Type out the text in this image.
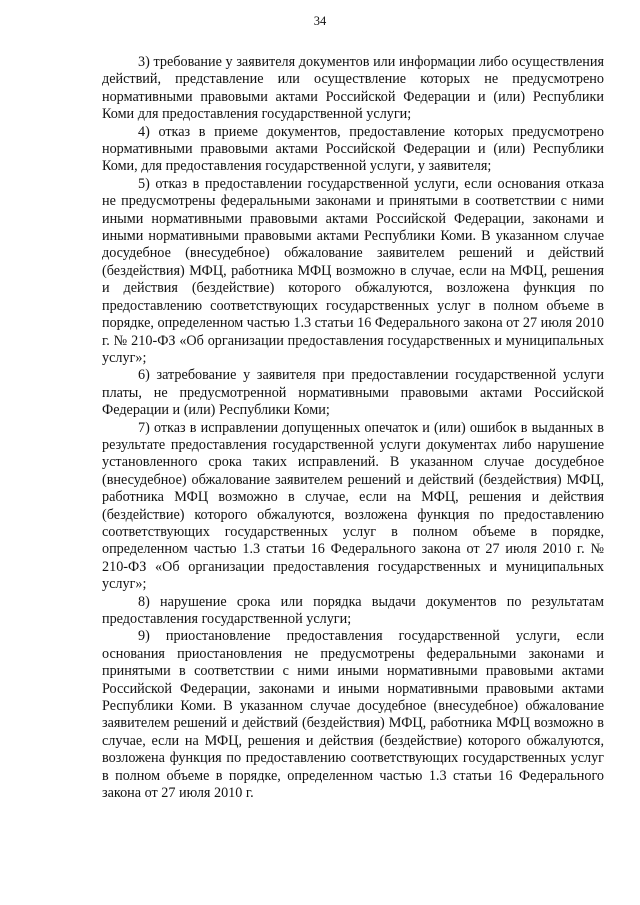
34

3) требование у заявителя документов или информации либо осуществления действий, представление или осуществление которых не предусмотрено нормативными правовыми актами Российской Федерации и (или) Республики Коми для предоставления государственной услуги;

4) отказ в приеме документов, предоставление которых предусмотрено нормативными правовыми актами Российской Федерации и (или) Республики Коми, для предоставления государственной услуги, у заявителя;

5) отказ в предоставлении государственной услуги, если основания отказа не предусмотрены федеральными законами и принятыми в соответствии с ними иными нормативными правовыми актами Российской Федерации, законами и иными нормативными правовыми актами Республики Коми. В указанном случае досудебное (внесудебное) обжалование заявителем решений и действий (бездействия) МФЦ, работника МФЦ возможно в случае, если на МФЦ, решения и действия (бездействие) которого обжалуются, возложена функция по предоставлению соответствующих государственных услуг в полном объеме в порядке, определенном частью 1.3 статьи 16 Федерального закона от 27 июля 2010 г. № 210-ФЗ «Об организации предоставления государственных и муниципальных услуг»;

6) затребование у заявителя при предоставлении государственной услуги платы, не предусмотренной нормативными правовыми актами Российской Федерации и (или) Республики Коми;

7) отказ в исправлении допущенных опечаток и (или) ошибок в выданных в результате предоставления государственной услуги документах либо нарушение установленного срока таких исправлений. В указанном случае досудебное (внесудебное) обжалование заявителем решений и действий (бездействия) МФЦ, работника МФЦ возможно в случае, если на МФЦ, решения и действия (бездействие) которого обжалуются, возложена функция по предоставлению соответствующих государственных услуг в полном объеме в порядке, определенном частью 1.3 статьи 16 Федерального закона от 27 июля 2010 г. № 210-ФЗ «Об организации предоставления государственных и муниципальных услуг»;

8) нарушение срока или порядка выдачи документов по результатам предоставления государственной услуги;

9) приостановление предоставления государственной услуги, если основания приостановления не предусмотрены федеральными законами и принятыми в соответствии с ними иными нормативными правовыми актами Российской Федерации, законами и иными нормативными правовыми актами Республики Коми. В указанном случае досудебное (внесудебное) обжалование заявителем решений и действий (бездействия) МФЦ, работника МФЦ возможно в случае, если на МФЦ, решения и действия (бездействие) которого обжалуются, возложена функция по предоставлению соответствующих государственных услуг в полном объеме в порядке, определенном частью 1.3 статьи 16 Федерального закона от 27 июля 2010 г.
